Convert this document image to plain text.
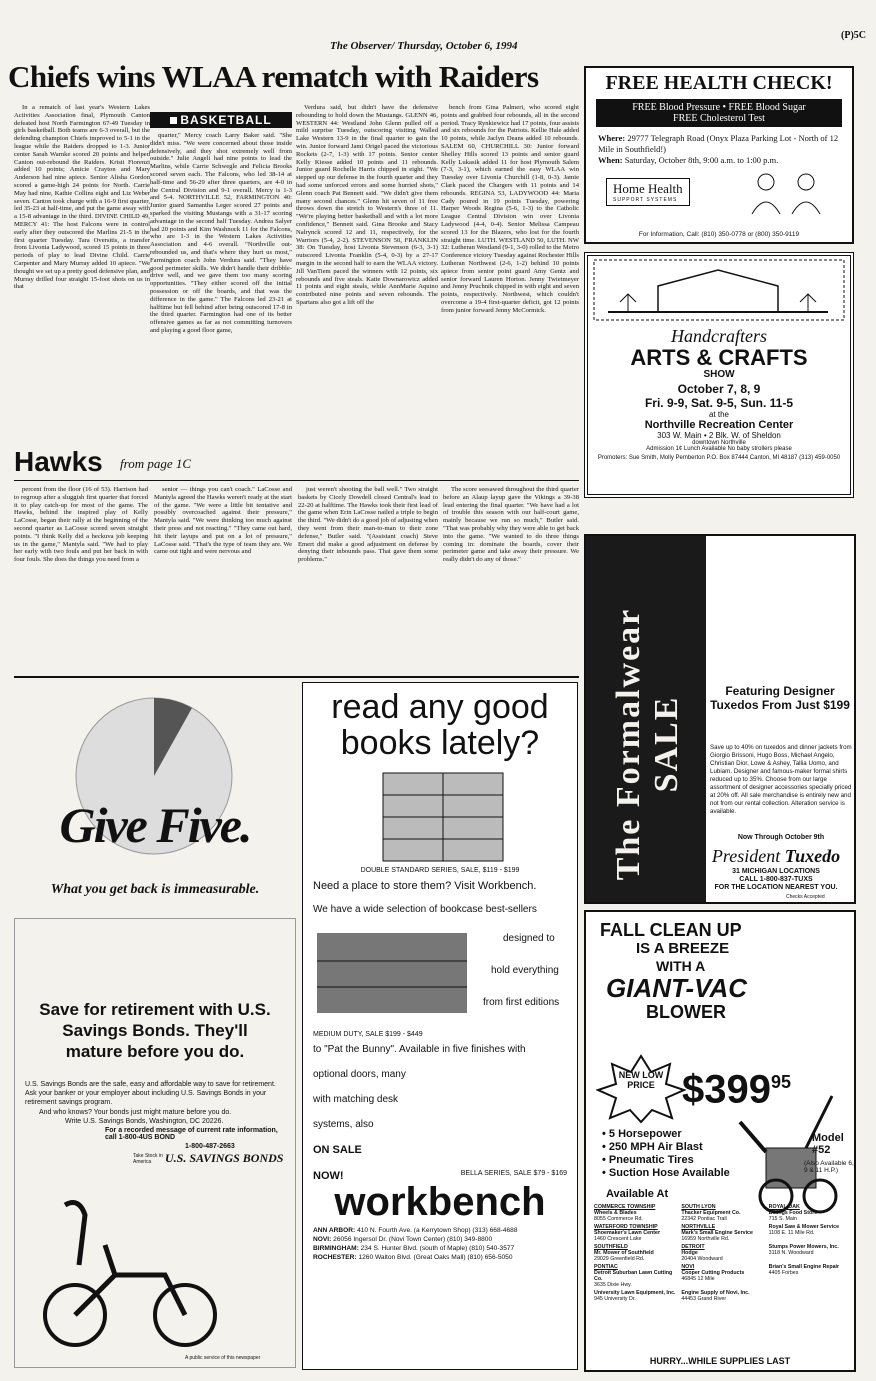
The Observer/ Thursday, October 6, 1994
(P)5C
Chiefs wins WLAA rematch with Raiders

In a rematch of last year's Western Lakes Activities Association final, Plymouth Canton defeated host North Farmington 67-49 Tuesday in girls basketball. Both teams are 6-3 overall, but the defending champion Chiefs improved to 5-1 in the league while the Raiders dropped to 1-3. Junior center Sarah Warnke scored 20 points and helped Canton out-rebound the Raiders. Kristi Fiorenzi added 10 points; Amicie Crayton and Mary Anderson had nine apiece. Senior Alisha Gordon scored a game-high 24 points for North. Carrie May had nine, Kathie Collins eight and Liz Weber seven. Canton took charge with a 16-9 first quarter, led 35-23 at half-time, and put the game away with a 15-8 advantage in the third. DIVINE CHILD 49, MERCY 41: The host Falcons were in control early after they outscored the Marlins 21-5 in the first quarter Tuesday. Tara Oversitis, a transfer from Livonia Ladywood, scored 15 points in three periods of play to lead Divine Child. Carrie Carpenter and Mary Murray added 10 apiece. "We thought we set up a pretty good defensive plan, and Murray drilled four straight 15-foot shots on us in that

BASKETBALL

quarter," Mercy coach Larry Baker said. "She didn't miss. "We were concerned about those inside defensively, and they shot extremely well from outside." Julie Angeli had nine points to lead the Marlins, while Carrie Schwegle and Felicia Brooks scored seven each. The Falcons, who led 38-14 at half-time and 56-29 after three quarters, are 4-0 in the Central Division and 9-1 overall. Mercy is 1-3 and 5-4. NORTHVILLE 52, FARMINGTON 40: Junior guard Samantha Leger scored 27 points and sparked the visiting Mustangs with a 31-17 scoring advantage in the second half Tuesday. Andrea Salyer had 20 points and Kim Washnock 11 for the Falcons, who are 1-3 in the Western Lakes Activities Association and 4-6 overall. "Northville out-rebounded us, and that's where they hurt us most," Farmington coach John Verdura said. "They have good perimeter skills. We didn't handle their dribble-drive well, and we gave them too many scoring opportunities. "They either scored off the initial possession or off the boards, and that was the difference in the game." The Falcons led 23-21 at halftime but fell behind after being outscored 17-8 in the third quarter. Farmington had one of its better offensive games as far as not committing turnovers and playing a good floor game,

Verdura said, but didn't have the defensive rebounding to hold down the Mustangs. GLENN 46, WESTERN 44: Westland John Glenn pulled off a mild surprise Tuesday, outscoring visiting Walled Lake Western 13-9 in the final quarter to gain the win. Junior forward Jami Origel paced the victorious Rockets (2-7, 1-3) with 17 points. Senior center Kelly Kiesse added 10 points and 11 rebounds. Junior guard Rochelle Harris chipped in eight. "We stepped up our defense in the fourth quarter and they had some unforced errors and some hurried shots," Glenn coach Pat Bennett said. "We didn't give them many second chances." Glenn hit seven of 11 free throws down the stretch to Western's three of 11. "We're playing better basketball and with a lot more confidence," Bennett said. Gina Brooke and Stacy Nalrynck scored 12 and 11, respectively, for the Warriors (5-4, 2-2). STEVENSON 50, FRANKLIN 38: On Tuesday, host Livonia Stevenson (6-3, 3-1) outscored Livonia Franklin (5-4, 0-3) by a 27-17 margin in the second half to earn the WLAA victory. Jill VanTiem paced the winners with 12 points, six rebounds and five steals. Katie Downarowicz added 11 points and eight steals, while AnnMarie Aquino contributed nine points and seven rebounds. The Spartans also got a lift off the

bench from Gina Palmeri, who scored eight points and grabbed four rebounds, all in the second period. Tracy Rynkiewicz had 17 points, four assists and six rebounds for the Patriots. Kellie Hale added 10 points, while Jaclyn Deans added 10 rebounds. SALEM 60, CHURCHILL 30: Junior forward Shelley Hills scored 13 points and senior guard Kelly Lukasik added 11 for host Plymouth Salem (7-3, 3-1), which earned the easy WLAA win Tuesday over Livonia Churchill (1-8, 0-3). Jamie Clark paced the Chargers with 11 points and 14 rebounds. REGINA 53, LADYWOOD 44: Maria Cady poured in 19 points Tuesday, powering Harper Woods Regina (5-6, 1-3) to the Catholic League Central Division win over Livonia Ladywood (4-4, 0-4). Senior Melissa Campeau scored 13 for the Blazers, who lost for the fourth straight time. LUTH. WESTLAND 50, LUTH. NW 32: Lutheran Westland (9-1, 3-0) rolled to the Metro Conference victory Tuesday against Rochester Hills Lutheran Northwest (2-6, 1-2) behind 10 points apiece from senior point guard Amy Gentz and senior forward Lauren Horton. Jenny Twietmeyer and Jenny Pruchnik chipped in with eight and seven points, respectively. Northwest, which couldn't overcome a 19-4 first-quarter deficit, got 12 points from junior forward Jenny McCormick.

FREE HEALTH CHECK!
FREE Blood Pressure • FREE Blood Sugar
FREE Cholesterol Test
Where: 29777 Telegraph Road (Onyx Plaza Parking Lot - North of 12 Mile in Southfield!)
When: Saturday, October 8th, 9:00 a.m. to 1:00 p.m.
Home Health
SUPPORT SYSTEMS
For Information, Call: (810) 350-0778 or (800) 350-9119
Handcrafters
ARTS & CRAFTS
SHOW
October 7, 8, 9
Fri. 9-9, Sat. 9-5, Sun. 11-5
at the
Northville Recreation Center
303 W. Main • 2 Blk. W. of Sheldon
downtown Northville
Admission 1¢ Lunch Available No baby strollers please
Promoters: Sue Smith, Molly Pemberton P.O. Box 87444 Canton, MI 48187 (313) 459-0050
Hawks from page 1C

percent from the floor (16 of 53). Harrison had to regroup after a sluggish first quarter that forced it to play catch-up for most of the game. The Hawks, behind the inspired play of Kelly LaCosse, began their rally at the beginning of the second quarter as LaCosse scored seven straight points. "I think Kelly did a heckuva job keeping us in the game," Mantyla said. "We had to play her early with two fouls and put her back in with four fouls. She does the things you need from a

senior — things you can't coach." LaCosse and Mantyla agreed the Hawks weren't ready at the start of the game. "We were a little bit tentative and possibly overcoached against their pressure," Mantyla said. "We were thinking too much against their press and not reacting." "They came out hard, hit their layups and put on a lot of pressure," LaCosse said. "That's the type of team they are. We came out tight and were nervous and

just weren't shooting the ball well." Two straight baskets by Cicely Dowdell closed Central's lead to 22-20 at halftime. The Hawks took their first lead of the game when Erin LaCosse nailed a triple to begin the third. "We didn't do a good job of adjusting when they went from their man-to-man to their zone defense," Butler said. "(Assistant coach) Steve Emert did make a good adjustment on defense by denying their inbounds pass. That gave them some problems."

The score seesawed throughout the third quarter before an Alaup layup gave the Vikings a 39-38 lead entering the final quarter. "We have had a lot of trouble this season with our half-court game, mainly because we run so much," Butler said. "That was probably why they were able to get back into the game. "We wanted to do three things coming in: dominate the boards, cover their perimeter game and take away their pressure. We really didn't do any of those."

The Formalwear SALE
Featuring Designer Tuxedos From Just $199
Save up to 40% on tuxedos and dinner jackets from Giorgio Brissoni, Hugo Boss, Michael Angelo, Christian Dior, Lowe & Ashey, Tallia Uomo, and Lubiam. Designer and famous-maker formal shirts reduced up to 35%. Choose from our large assortment of designer accessories specially priced at 20% off. All sale merchandise is entirely new and not from our rental collection. Alteration service is available.
Now Through October 9th
President Tuxedo
31 MICHIGAN LOCATIONS
CALL 1-800-837-TUXS
FOR THE LOCATION NEAREST YOU.
Checks Accepted
Give Five.
What you get back is immeasurable.
Save for retirement with U.S. Savings Bonds. They'll mature before you do.
U.S. Savings Bonds are the safe, easy and affordable way to save for retirement. Ask your banker or your employer about including U.S. Savings Bonds in your retirement savings program.
And who knows? Your bonds just might mature before you do.
Write U.S. Savings Bonds, Washington, DC 20226.
For a recorded message of current rate information, call 1-800-4US BOND
1-800-487-2663
U.S. SAVINGS BONDS
Take Stock in America
A public service of this newspaper
read any good books lately?
DOUBLE STANDARD SERIES, SALE, $119 - $199
Need a place to store them? Visit Workbench.
We have a wide selection of bookcase best-sellers
designed to
hold everything
from first editions
MEDIUM DUTY, SALE $199 - $449
to "Pat the Bunny". Available in five finishes with
optional doors, many
with matching desk
systems, also
ON SALE
NOW!	BELLA SERIES, SALE $79 - $169
workbench
ANN ARBOR: 410 N. Fourth Ave. (a Kerrytown Shop) (313) 668-4688
NOVI: 26056 Ingersol Dr. (Novi Town Center) (810) 349-8800
BIRMINGHAM: 234 S. Hunter Blvd. (south of Maple) (810) 540-3577
ROCHESTER: 1260 Walton Blvd. (Great Oaks Mall) (810) 656-5050
FALL CLEAN UP
IS A BREEZE
WITH A
GIANT-VAC
BLOWER
NEW LOW PRICE $\$399^{95}$
• 5 Horsepower
• 250 MPH Air Blast
• Pneumatic Tires
• Suction Hose Available
Model #52
(Also Available 6, 9 & 11 H.P.)
Available At
COMMERCE TOWNSHIP
Wheels & Blades
8055 Commerce Rd.
SOUTH LYON
Thacker Equipment Co.
22342 Pontiac Trail
ROYAL OAK
Billings Food Store
715 S. Main
WATERFORD TOWNSHIP
Shoemaker's Lawn Center
1460 Crescent Lake
NORTHVILLE
Mark's Small Engine Service
16959 Northville Rd.
Royal Saw & Mower Service
1108 E. 11 Mile Rd.
SOUTHFIELD
Mr. Mower of Southfield
29029 Greenfield Rd.
DETROIT
Hodge
20404 Woodward
Stumps Power Mowers, Inc.
3118 N. Woodward
PONTIAC
Detroit Suburban Lawn Cutting Co.
3635 Dixie Hwy.
NOVI
Cooper Cutting Products
46845 12 Mile
Brian's Small Engine Repair
4405 Forbes
University Lawn Equipment, Inc.
945 University Dr.
Engine Supply of Novi, Inc.
44453 Grand River
HURRY...WHILE SUPPLIES LAST
